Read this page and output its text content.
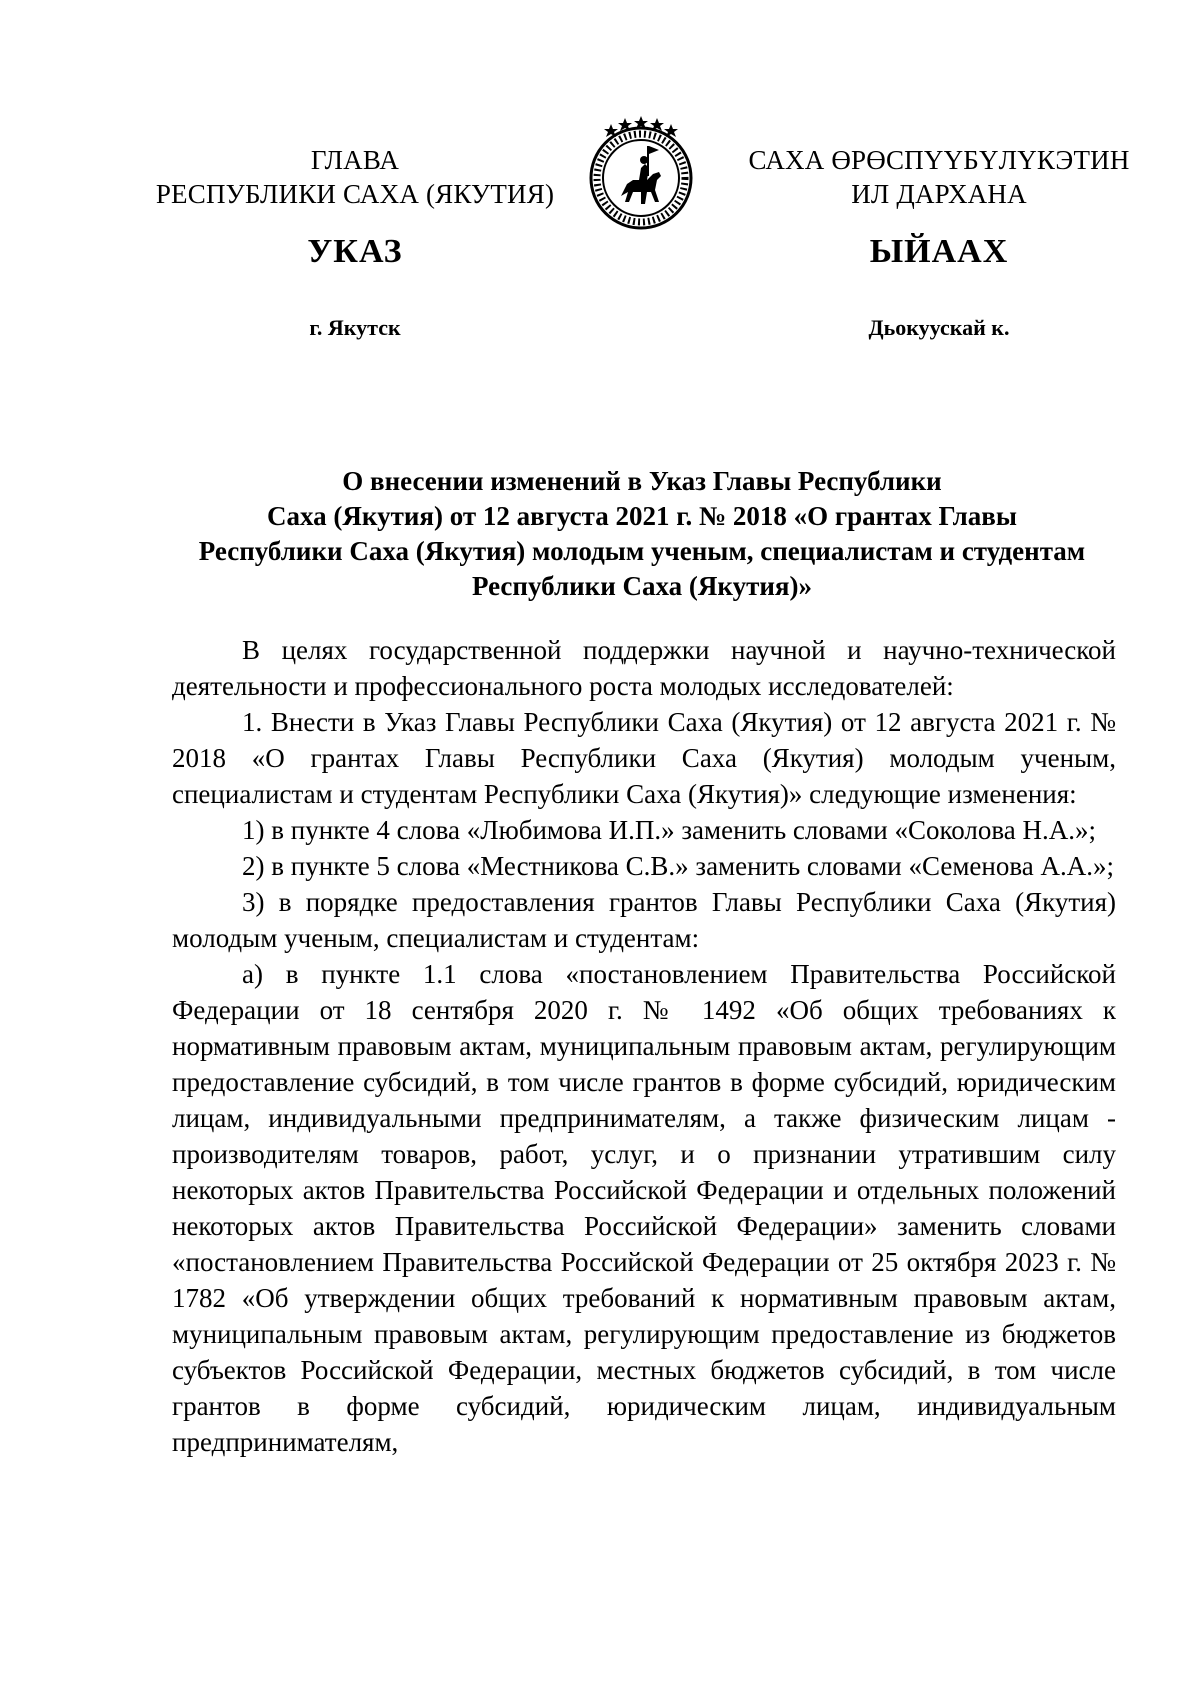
ГЛАВА
РЕСПУБЛИКИ САХА (ЯКУТИЯ)
САХА ӨРӨСПҮҮБҮЛҮКЭТИН
ИЛ ДАРХАНА
УКАЗ	ЫЙААХ
г. Якутск	Дьокуускай к.
О внесении изменений в Указ Главы Республики
Саха (Якутия) от 12 августа 2021 г. № 2018 «О грантах Главы
Республики Саха (Якутия) молодым ученым, специалистам и студентам
Республики Саха (Якутия)»

В целях государственной поддержки научной и научно-технической деятельности и профессионального роста молодых исследователей:

1. Внести в Указ Главы Республики Саха (Якутия) от 12 августа 2021 г. № 2018 «О грантах Главы Республики Саха (Якутия) молодым ученым, специалистам и студентам Республики Саха (Якутия)» следующие изменения:

1) в пункте 4 слова «Любимова И.П.» заменить словами «Соколова Н.А.»;

2) в пункте 5 слова «Местникова С.В.» заменить словами «Семенова А.А.»;

3) в порядке предоставления грантов Главы Республики Саха (Якутия) молодым ученым, специалистам и студентам:

а) в пункте 1.1 слова «постановлением Правительства Российской Федерации от 18 сентября 2020 г. № 1492 «Об общих требованиях к нормативным правовым актам, муниципальным правовым актам, регулирующим предоставление субсидий, в том числе грантов в форме субсидий, юридическим лицам, индивидуальными предпринимателям, а также физическим лицам - производителям товаров, работ, услуг, и о признании утратившим силу некоторых актов Правительства Российской Федерации и отдельных положений некоторых актов Правительства Российской Федерации» заменить словами «постановлением Правительства Российской Федерации от 25 октября 2023 г. № 1782 «Об утверждении общих требований к нормативным правовым актам, муниципальным правовым актам, регулирующим предоставление из бюджетов субъектов Российской Федерации, местных бюджетов субсидий, в том числе грантов в форме субсидий, юридическим лицам, индивидуальным предпринимателям,
